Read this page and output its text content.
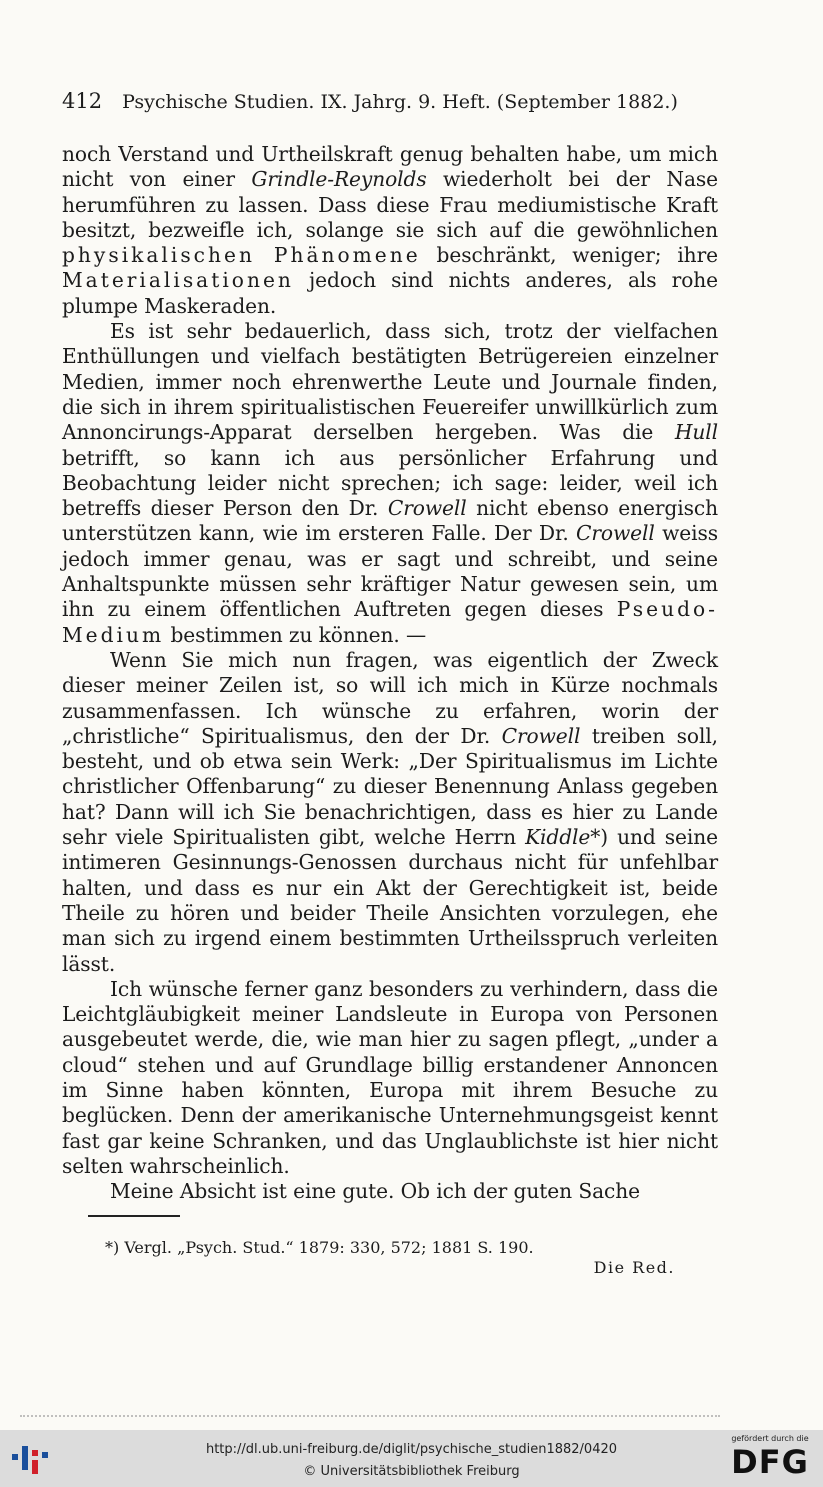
412 Psychische Studien. IX. Jahrg. 9. Heft. (September 1882.)

noch Verstand und Urtheilskraft genug behalten habe, um mich nicht von einer Grindle-Reynolds wiederholt bei der Nase herumführen zu lassen. Dass diese Frau mediumistische Kraft besitzt, bezweifle ich, solange sie sich auf die gewöhnlichen physikalischen Phänomene beschränkt, weniger; ihre Materialisationen jedoch sind nichts anderes, als rohe plumpe Maskeraden.

Es ist sehr bedauerlich, dass sich, trotz der vielfachen Enthüllungen und vielfach bestätigten Betrügereien einzelner Medien, immer noch ehrenwerthe Leute und Journale finden, die sich in ihrem spiritualistischen Feuereifer unwillkürlich zum Annoncirungs-Apparat derselben hergeben. Was die Hull betrifft, so kann ich aus persönlicher Erfahrung und Beobachtung leider nicht sprechen; ich sage: leider, weil ich betreffs dieser Person den Dr. Crowell nicht ebenso energisch unterstützen kann, wie im ersteren Falle. Der Dr. Crowell weiss jedoch immer genau, was er sagt und schreibt, und seine Anhaltspunkte müssen sehr kräftiger Natur gewesen sein, um ihn zu einem öffentlichen Auftreten gegen dieses Pseudo-Medium bestimmen zu können. —

Wenn Sie mich nun fragen, was eigentlich der Zweck dieser meiner Zeilen ist, so will ich mich in Kürze nochmals zusammenfassen. Ich wünsche zu erfahren, worin der „christliche“ Spiritualismus, den der Dr. Crowell treiben soll, besteht, und ob etwa sein Werk: „Der Spiritualismus im Lichte christlicher Offenbarung“ zu dieser Benennung Anlass gegeben hat? Dann will ich Sie benachrichtigen, dass es hier zu Lande sehr viele Spiritualisten gibt, welche Herrn Kiddle*) und seine intimeren Gesinnungs-Genossen durchaus nicht für unfehlbar halten, und dass es nur ein Akt der Gerechtigkeit ist, beide Theile zu hören und beider Theile Ansichten vorzulegen, ehe man sich zu irgend einem bestimmten Urtheilsspruch verleiten lässt.

Ich wünsche ferner ganz besonders zu verhindern, dass die Leichtgläubigkeit meiner Landsleute in Europa von Personen ausgebeutet werde, die, wie man hier zu sagen pflegt, „under a cloud“ stehen und auf Grundlage billig erstandener Annoncen im Sinne haben könnten, Europa mit ihrem Besuche zu beglücken. Denn der amerikanische Unternehmungsgeist kennt fast gar keine Schranken, und das Unglaublichste ist hier nicht selten wahrscheinlich.

Meine Absicht ist eine gute. Ob ich der guten Sache

*) Vergl. „Psych. Stud.“ 1879: 330, 572; 1881 S. 190.
Die Red.
http://dl.ub.uni-freiburg.de/diglit/psychische_studien1882/0420
© Universitätsbibliothek Freiburg
gefördert durch die
DFG
